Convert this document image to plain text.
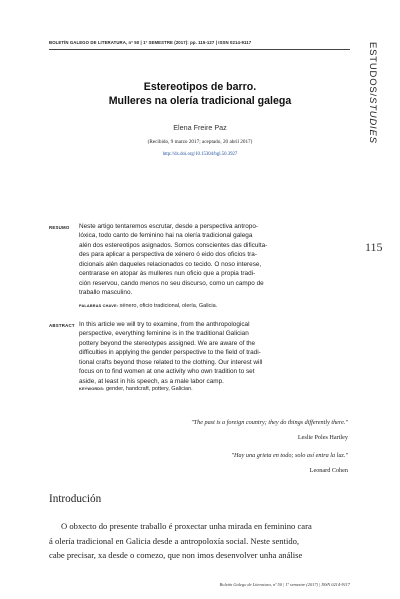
BOLETÍN GALEGO DE LITERATURA, nº 50 | 1º SEMESTRE (2017): pp. 115-127 | ISSN 0214-9117	ESTUDOS/STUDIES
Estereotipos de barro.
Mulleres na olería tradicional galega
Elena Freire Paz
(Recibido, 9 marzo 2017; aceptado, 20 abril 2017)
http://dx.doi.org/10.15304/bgl.50.3927
RESUMO Neste artigo tentaremos escrutar, desde a perspectiva antropo-
lóxica, todo canto de feminino hai na olería tradicional galega
alén dos estereotipos asignados. Somos conscientes das dificulta-
des para aplicar a perspectiva de xénero ó eido dos oficios tra-
dicionais alén daqueles relacionados co tecido. O noso interese,
centrarase en atopar ás mulleres nun oficio que a propia tradi-
ción reservou, cando menos no seu discurso, como un campo de
traballo masculino.
PALABRAS CHAVE: xénero, oficio tradicional, olería, Galicia.
ABSTRACT In this article we will try to examine, from the anthropological
perspective, everything feminine is in the traditional Galician
pottery beyond the stereotypes assigned. We are aware of the
difficulties in applying the gender perspective to the field of tradi-
tional crafts beyond those related to the clothing. Our interest will
focus on to find women at one activity who own tradition to set
aside, at least in his speech, as a male labor camp.
KEYWORDS: gender, handcraft, pottery, Galician.
115
"The past is a foreign country; they do things differently there."
Leslie Poles Hartley
"Hay una grieta en todo; solo así entra la luz."
Leonard Cohen
Introdución
O obxecto do presente traballo é proxectar unha mirada en feminino cara
á olería tradicional en Galicia desde a antropoloxía social. Neste sentido,
cabe precisar, xa desde o comezo, que non imos desenvolver unha análise
Boletín Galego de Literatura, nº 50 | 1º semestre (2017) | ISSN 0214-9117
